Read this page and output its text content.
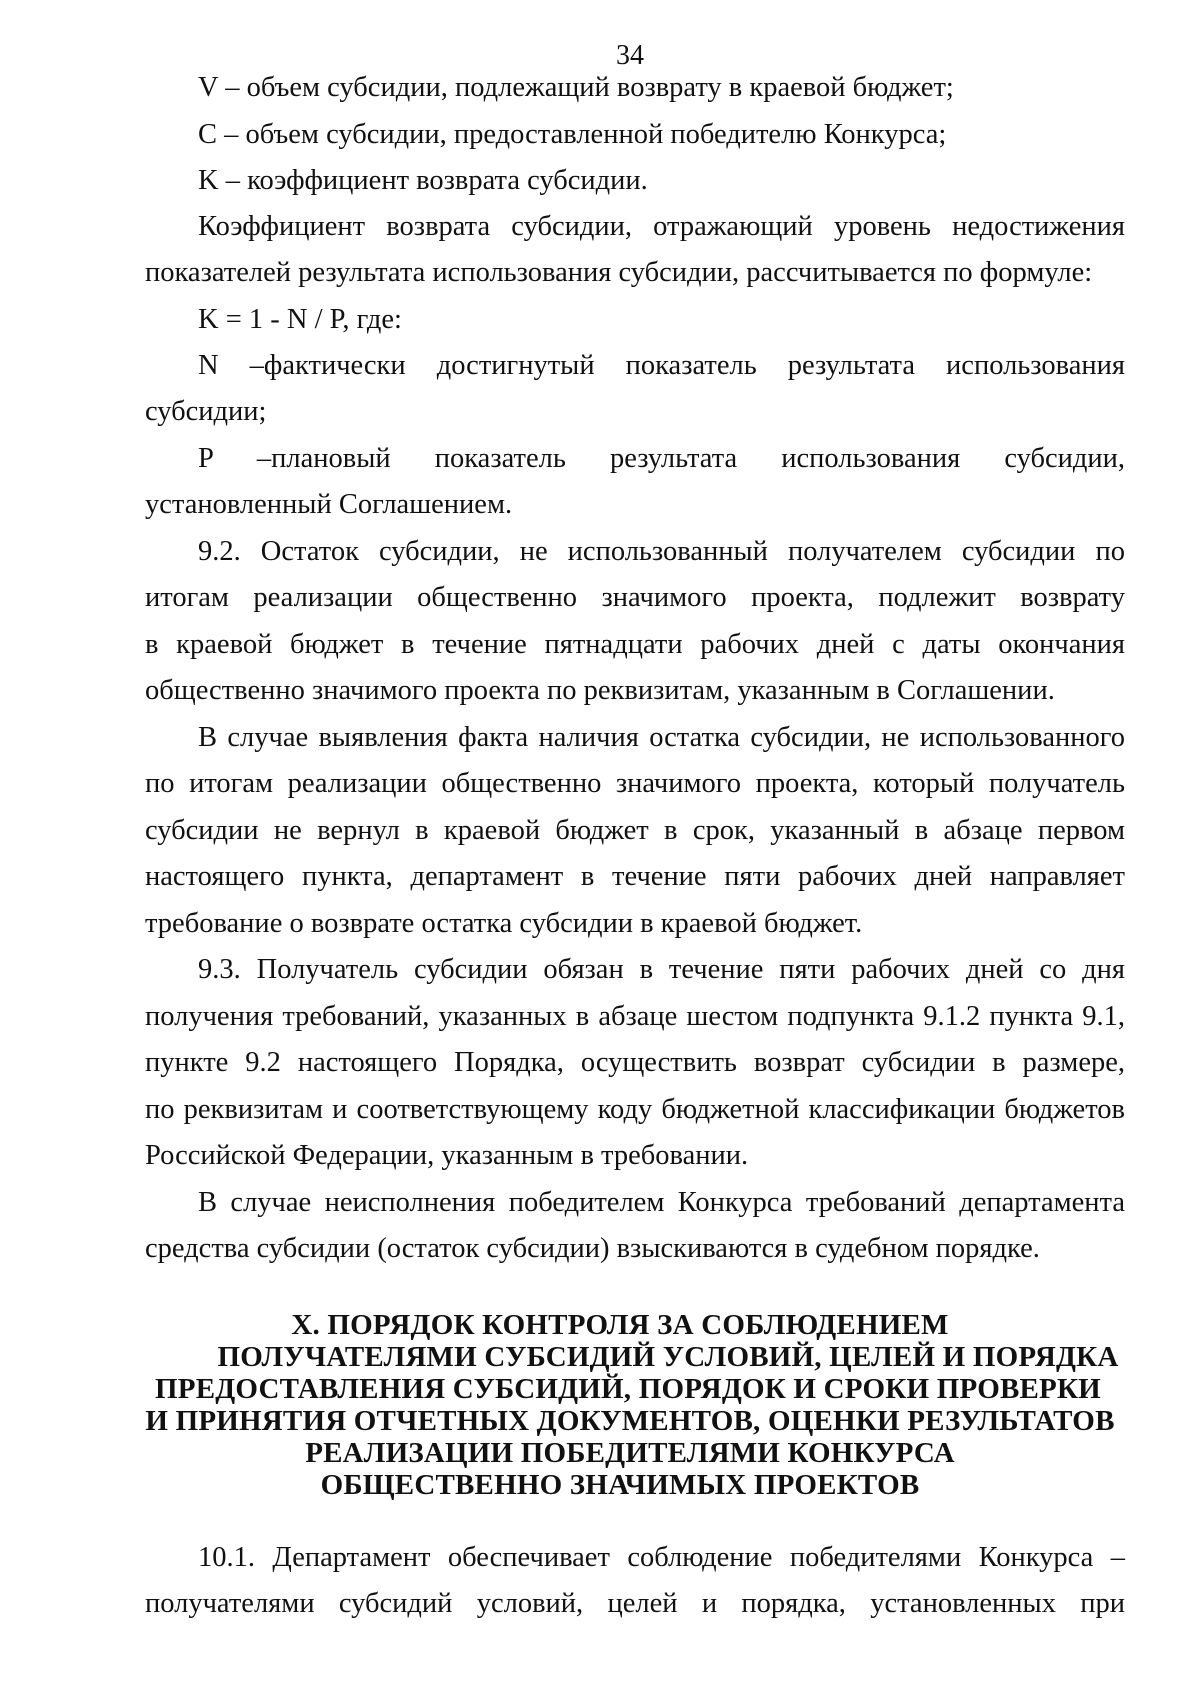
34
V – объем субсидии, подлежащий возврату в краевой бюджет;
C – объем субсидии, предоставленной победителю Конкурса;
K – коэффициент возврата субсидии.
Коэффициент возврата субсидии, отражающий уровень недостижения
показателей результата использования субсидии, рассчитывается по формуле:
K = 1 - N / P, где:
N –фактически достигнутый показатель результата использования
субсидии;
P –плановый показатель результата использования субсидии,
установленный Соглашением.
9.2. Остаток субсидии, не использованный получателем субсидии по
итогам реализации общественно значимого проекта, подлежит возврату
в краевой бюджет в течение пятнадцати рабочих дней с даты окончания
общественно значимого проекта по реквизитам, указанным в Соглашении.
В случае выявления факта наличия остатка субсидии, не использованного
по итогам реализации общественно значимого проекта, который получатель
субсидии не вернул в краевой бюджет в срок, указанный в абзаце первом
настоящего пункта, департамент в течение пяти рабочих дней направляет
требование о возврате остатка субсидии в краевой бюджет.
9.3. Получатель субсидии обязан в течение пяти рабочих дней со дня
получения требований, указанных в абзаце шестом подпункта 9.1.2 пункта 9.1,
пункте 9.2 настоящего Порядка, осуществить возврат субсидии в размере,
по реквизитам и соответствующему коду бюджетной классификации бюджетов
Российской Федерации, указанным в требовании.
В случае неисполнения победителем Конкурса требований департамента
средства субсидии (остаток субсидии) взыскиваются в судебном порядке.
X. ПОРЯДОК КОНТРОЛЯ ЗА СОБЛЮДЕНИЕМ
ПОЛУЧАТЕЛЯМИ СУБСИДИЙ УСЛОВИЙ, ЦЕЛЕЙ И ПОРЯДКА
ПРЕДОСТАВЛЕНИЯ СУБСИДИЙ, ПОРЯДОК И СРОКИ ПРОВЕРКИ
И ПРИНЯТИЯ ОТЧЕТНЫХ ДОКУМЕНТОВ, ОЦЕНКИ РЕЗУЛЬТАТОВ
РЕАЛИЗАЦИИ ПОБЕДИТЕЛЯМИ КОНКУРСА
ОБЩЕСТВЕННО ЗНАЧИМЫХ ПРОЕКТОВ
10.1. Департамент обеспечивает соблюдение победителями Конкурса –
получателями субсидий условий, целей и порядка, установленных при
